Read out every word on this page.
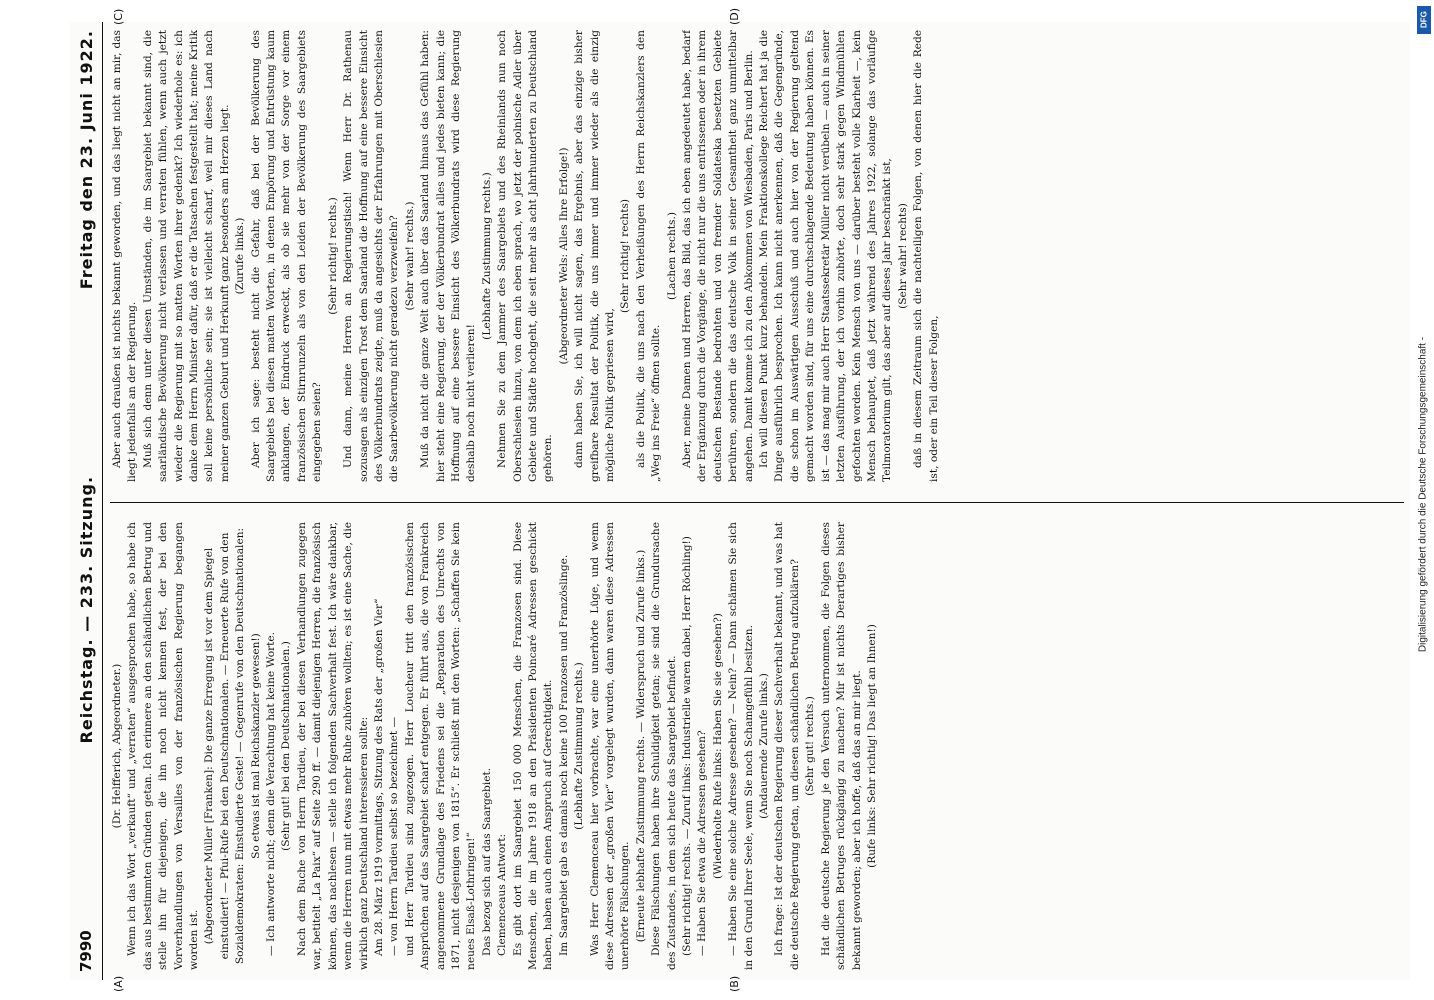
7990
Reichstag. — 233. Sitzung.
Freitag den 23. Juni 1922.
(A)	(B)
(C)	(D)

(Dr. Helfferich, Abgeordneter.) Wenn ich das Wort „verkauft“ und „verraten“ ausgesprochen habe, so habe ich das aus bestimmten Gründen getan. Ich erinnere an den schändlichen Betrug und stelle ihn für diejenigen, die ihn noch nicht kennen fest, der bei den Vorverhandlungen von Versailles von der französischen Regierung begangen worden ist. (Abgeordneter Müller [Franken]: Die ganze Erregung ist vor dem Spiegel einstudiert! — Pfui-Rufe bei den Deutschnationalen. — Erneuerte Rufe von den Sozialdemokraten: Einstudierte Geste! — Gegenrufe von den Deutschnationalen: So etwas ist mal Reichskanzler gewesen!) — Ich antworte nicht; denn die Verachtung hat keine Worte. (Sehr gut! bei den Deutschnationalen.) Nach dem Buche von Herrn Tardieu, der bei diesen Verhandlungen zugegen war, betitelt „La Paix“ auf Seite 290 ff. — damit diejenigen Herren, die französisch können, das nachlesen — stelle ich folgenden Sachverhalt fest. Ich wäre dankbar, wenn die Herren nun mit etwas mehr Ruhe zuhören wollten; es ist eine Sache, die wirklich ganz Deutschland interessieren sollte: Am 28. März 1919 vormittags, Sitzung des Rats der „großen Vier“ — von Herrn Tardieu selbst so bezeichnet — und Herr Tardieu sind zugezogen. Herr Loucheur tritt den französischen Ansprüchen auf das Saargebiet scharf entgegen. Er führt aus, die von Frankreich angenommene Grundlage des Friedens sei die „Reparation des Unrechts von 1871, nicht desjenigen von 1815“. Er schließt mit den Worten: „Schaffen Sie kein neues Elsaß-Lothringen!“ Das bezog sich auf das Saargebiet. Clemenceaus Antwort: Es gibt dort im Saargebiet 150 000 Menschen, die Franzosen sind. Diese Menschen, die im Jahre 1918 an den Präsidenten Poincaré Adressen geschickt haben, haben auch einen Anspruch auf Gerechtigkeit. Im Saargebiet gab es damals noch keine 100 Franzosen und Französlinge. (Lebhafte Zustimmung rechts.) Was Herr Clemenceau hier vorbrachte, war eine unerhörte Lüge, und wenn diese Adressen der „großen Vier“ vorgelegt wurden, dann waren diese Adressen unerhörte Fälschungen. (Erneute lebhafte Zustimmung rechts. — Widerspruch und Zurufe links.) Diese Fälschungen haben ihre Schuldigkeit getan; sie sind die Grundursache des Zustandes, in dem sich heute das Saargebiet befindet. (Sehr richtig! rechts. — Zuruf links: Industrielle waren dabei, Herr Röchling!) — Haben Sie etwa die Adressen gesehen? (Wiederholte Rufe links: Haben Sie sie gesehen?) — Haben Sie eine solche Adresse gesehen? — Nein? — Dann schämen Sie sich in den Grund Ihrer Seele, wenn Sie noch Schamgefühl besitzen. (Andauernde Zurufe links.) Ich frage: Ist der deutschen Regierung dieser Sachverhalt bekannt, und was hat die deutsche Regierung getan, um diesen schändlichen Betrug aufzuklären? (Sehr gut! rechts.) Hat die deutsche Regierung je den Versuch unternommen, die Folgen dieses schändlichen Betruges rückgängig zu machen? Mir ist nichts Derartiges bisher bekannt geworden; aber ich hoffe, daß das an mir liegt. (Rufe links: Sehr richtig! Das liegt an Ihnen!)

Aber auch draußen ist nichts bekannt geworden, und das liegt nicht an mir, das liegt jedenfalls an der Regierung. Muß sich denn unter diesen Umständen, die im Saargebiet bekannt sind, die saarländische Bevölkerung nicht verlassen und verraten fühlen, wenn auch jetzt wieder die Regierung mit so matten Worten ihrer gedenkt? Ich wiederhole es: ich danke dem Herrn Minister dafür, daß er die Tatsachen festgestellt hat; meine Kritik soll keine persönliche sein; sie ist vielleicht scharf, weil mir dieses Land nach meiner ganzen Geburt und Herkunft ganz besonders am Herzen liegt. (Zurufe links.) Aber ich sage: besteht nicht die Gefahr, daß bei der Bevölkerung des Saargebiets bei diesen matten Worten, in denen Empörung und Entrüstung kaum anklangen, der Eindruck erweckt, als ob sie mehr von der Sorge vor einem französischen Stirnrunzeln als von den Leiden der Bevölkerung des Saargebiets eingegeben seien?

(Sehr richtig! rechts.) Und dann, meine Herren an Regierungstisch! Wenn Herr Dr. Rathenau sozusagen als einzigen Trost dem Saarland die Hoffnung auf eine bessere Einsicht des Völkerbundrats zeigte, muß da angesichts der Erfahrungen mit Oberschlesien die Saarbevölkerung nicht geradezu verzweifeln? (Sehr wahr! rechts.) Muß da nicht die ganze Welt auch über das Saarland hinaus das Gefühl haben: hier steht eine Regierung, der der Völkerbundrat alles und jedes bieten kann; die Hoffnung auf eine bessere Einsicht des Völkerbundrats wird diese Regierung deshalb noch nicht verlieren!

(Lebhafte Zustimmung rechts.) Nehmen Sie zu dem Jammer des Saargebiets und des Rheinlands nun noch Oberschlesien hinzu, von dem ich eben sprach, wo jetzt der polnische Adler über Gebiete und Städte hochgeht, die seit mehr als acht Jahrhunderten zu Deutschland gehören.

(Abgeordneter Wels: Alles Ihre Erfolge!) dann haben Sie, ich will nicht sagen, das Ergebnis, aber das einzige bisher greifbare Resultat der Politik, die uns immer und immer wieder als die einzig mögliche Politik gepriesen wird,

(Sehr richtig! rechts) als die Politik, die uns nach den Verheißungen des Herrn Reichskanzlers den „Weg ins Freie“ öffnen sollte.

(Lachen rechts.) Aber, meine Damen und Herren, das Bild, das ich eben angedeutet habe, bedarf der Ergänzung durch die Vorgänge, die nicht nur die uns entrissenen oder in ihrem deutschen Bestande bedrohten und von fremder Soldateska besetzten Gebiete berühren, sondern die das deutsche Volk in seiner Gesamtheit ganz unmittelbar angehen. Damit komme ich zu den Abkommen von Wiesbaden, Paris und Berlin. Ich will diesen Punkt kurz behandeln. Mein Fraktionskollege Reichert hat ja die Dinge ausführlich besprochen. Ich kann nicht anerkennen, daß die Gegengründe, die schon im Auswärtigen Ausschuß und auch hier von der Regierung geltend gemacht worden sind, für uns eine durchschlagende Bedeutung haben können. Es ist — das mag mir auch Herr Staatssekretär Müller nicht verübeln — auch in seiner letzten Ausführung, der ich vorhin zuhörte, doch sehr stark gegen Windmühlen gefochten worden. Kein Mensch von uns — darüber besteht volle Klarheit —, kein Mensch behauptet, daß jetzt während des Jahres 1922, solange das vorläufige Teilmoratorium gilt, das aber auf dieses Jahr beschränkt ist, (Sehr wahr! rechts) daß in diesem Zeitraum sich die nachteiligen Folgen, von denen hier die Rede ist, oder ein Teil dieser Folgen,	Digitalisierung gefördert durch die Deutsche Forschungsgemeinschaft -
DFG
